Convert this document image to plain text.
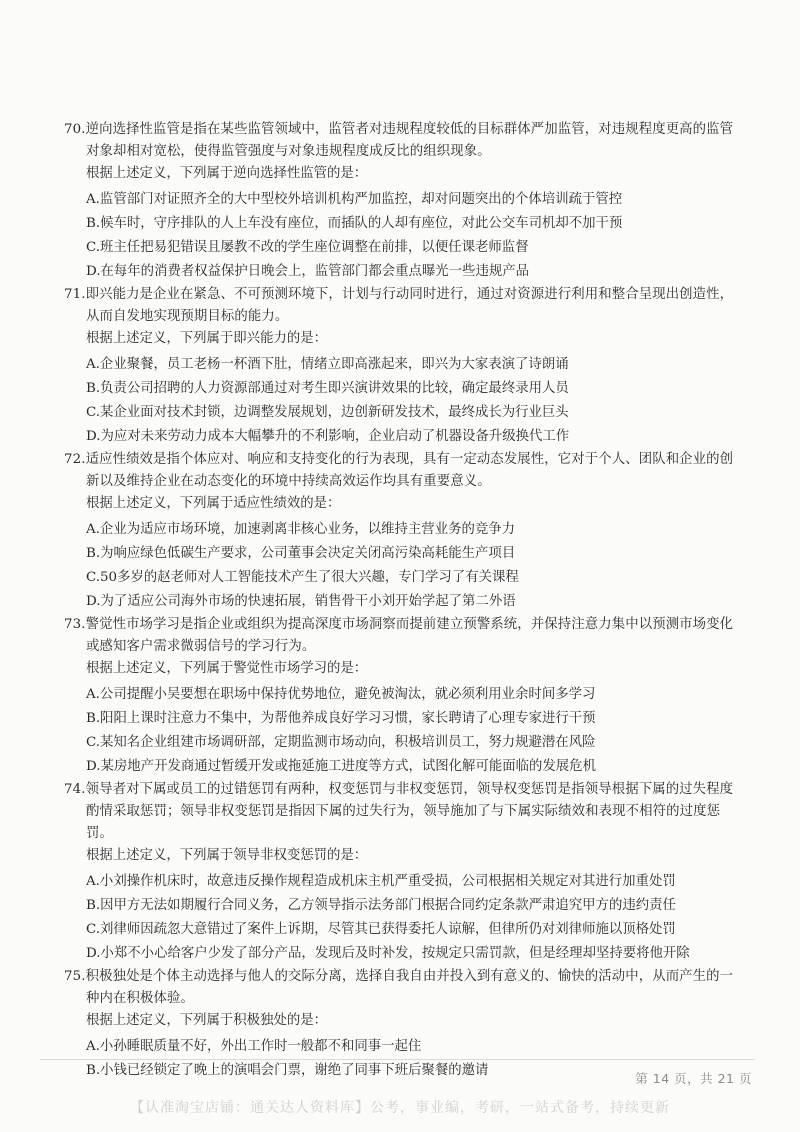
70.逆向选择性监管是指在某些监管领域中，监管者对违规程度较低的目标群体严加监管，对违规程度更高的监管
对象却相对宽松，使得监管强度与对象违规程度成反比的组织现象。
根据上述定义，下列属于逆向选择性监管的是：
A.监管部门对证照齐全的大中型校外培训机构严加监控，却对问题突出的个体培训疏于管控
B.候车时，守序排队的人上车没有座位，而插队的人却有座位，对此公交车司机却不加干预
C.班主任把易犯错误且屡教不改的学生座位调整在前排，以便任课老师监督
D.在每年的消费者权益保护日晚会上，监管部门都会重点曝光一些违规产品
71.即兴能力是企业在紧急、不可预测环境下，计划与行动同时进行，通过对资源进行利用和整合呈现出创造性，
从而自发地实现预期目标的能力。
根据上述定义，下列属于即兴能力的是：
A.企业聚餐，员工老杨一杯酒下肚，情绪立即高涨起来，即兴为大家表演了诗朗诵
B.负责公司招聘的人力资源部通过对考生即兴演讲效果的比较，确定最终录用人员
C.某企业面对技术封锁，边调整发展规划，边创新研发技术，最终成长为行业巨头
D.为应对未来劳动力成本大幅攀升的不利影响，企业启动了机器设备升级换代工作
72.适应性绩效是指个体应对、响应和支持变化的行为表现，具有一定动态发展性，它对于个人、团队和企业的创
新以及维持企业在动态变化的环境中持续高效运作均具有重要意义。
根据上述定义，下列属于适应性绩效的是：
A.企业为适应市场环境，加速剥离非核心业务，以维持主营业务的竞争力
B.为响应绿色低碳生产要求，公司董事会决定关闭高污染高耗能生产项目
C.50多岁的赵老师对人工智能技术产生了很大兴趣，专门学习了有关课程
D.为了适应公司海外市场的快速拓展，销售骨干小刘开始学起了第二外语
73.警觉性市场学习是指企业或组织为提高深度市场洞察而提前建立预警系统，并保持注意力集中以预测市场变化
或感知客户需求微弱信号的学习行为。
根据上述定义，下列属于警觉性市场学习的是：
A.公司提醒小吴要想在职场中保持优势地位，避免被淘汰，就必须利用业余时间多学习
B.阳阳上课时注意力不集中，为帮他养成良好学习习惯，家长聘请了心理专家进行干预
C.某知名企业组建市场调研部，定期监测市场动向，积极培训员工，努力规避潜在风险
D.某房地产开发商通过暂缓开发或拖延施工进度等方式，试图化解可能面临的发展危机
74.领导者对下属或员工的过错惩罚有两种，权变惩罚与非权变惩罚，领导权变惩罚是指领导根据下属的过失程度
酌情采取惩罚；领导非权变惩罚是指因下属的过失行为，领导施加了与下属实际绩效和表现不相符的过度惩
罚。
根据上述定义，下列属于领导非权变惩罚的是：
A.小刘操作机床时，故意违反操作规程造成机床主机严重受损，公司根据相关规定对其进行加重处罚
B.因甲方无法如期履行合同义务，乙方领导指示法务部门根据合同约定条款严肃追究甲方的违约责任
C.刘律师因疏忽大意错过了案件上诉期，尽管其已获得委托人谅解，但律所仍对刘律师施以顶格处罚
D.小郑不小心给客户少发了部分产品，发现后及时补发，按规定只需罚款，但是经理却坚持要将他开除
75.积极独处是个体主动选择与他人的交际分离，选择自我自由并投入到有意义的、愉快的活动中，从而产生的一
种内在积极体验。
根据上述定义，下列属于积极独处的是：
A.小孙睡眠质量不好，外出工作时一般都不和同事一起住
B.小钱已经锁定了晚上的演唱会门票，谢绝了同事下班后聚餐的邀请
第 14 页，共 21 页
【认准淘宝店铺：通关达人资料库】公考，事业编，考研，一站式备考，持续更新
